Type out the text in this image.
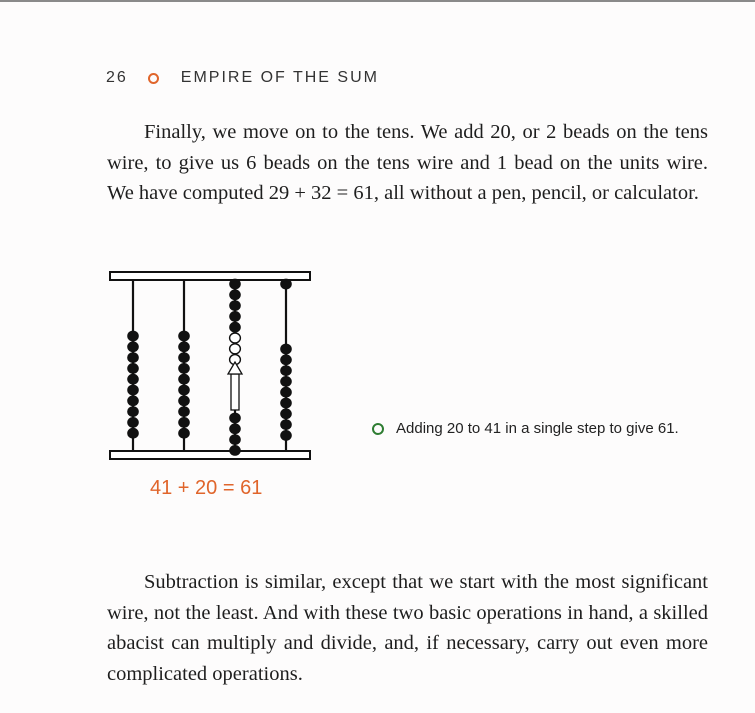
26	EMPIRE OF THE SUM

Finally, we move on to the tens. We add 20, or 2 beads on the tens wire, to give us 6 beads on the tens wire and 1 bead on the units wire. We have computed 29 + 32 = 61, all without a pen, pencil, or calculator.

41 + 20 = 61
Adding 20 to 41 in a single step to give 61.

Subtraction is similar, except that we start with the most significant wire, not the least. And with these two basic operations in hand, a skilled abacist can multiply and divide, and, if necessary, carry out even more complicated operations.
